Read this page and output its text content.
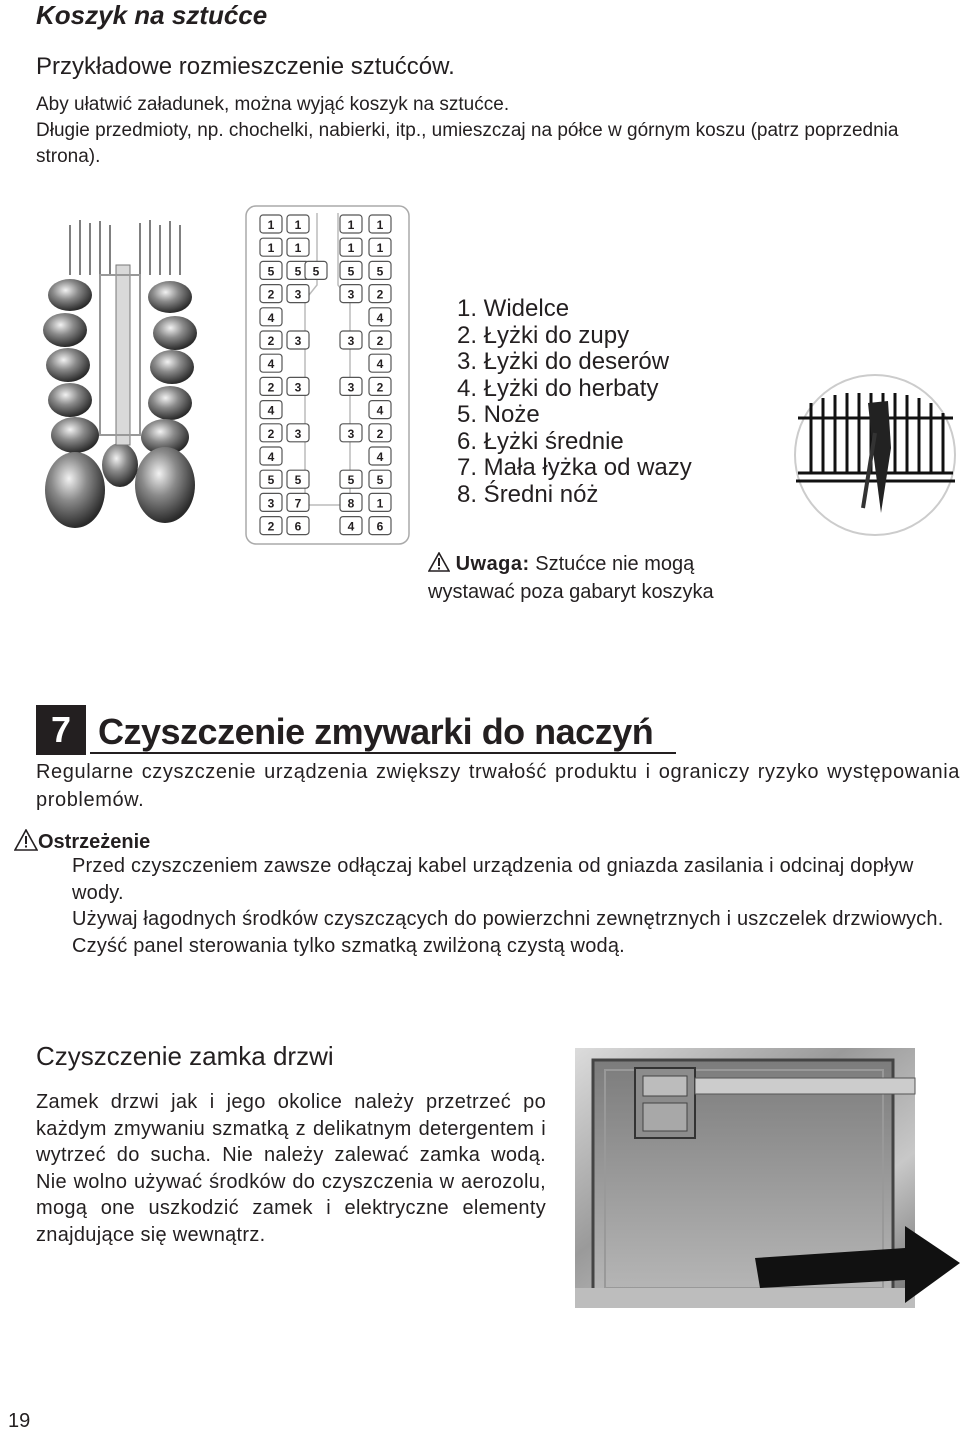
Koszyk na sztućce
Przykładowe rozmieszczenie sztućców.
Aby ułatwić załadunek, można wyjąć koszyk na sztućce.
Długie przedmioty, np. chochelki, nabierki, itp., umieszczaj na półce w górnym koszu (patrz poprzednia strona).
1 1
1 1
5 5 5
2 3
4
2 3
4
2 3
4
2 3
4
5 5
3 7
2 6
1 1
1 1
5 5
3 2
4
3 2
4
3 2
4
3 2
4
5 5
8 1
4 6
1. Widelce
2. Łyżki do zupy
3. Łyżki do deserów
4. Łyżki do herbaty
5. Noże
6. Łyżki średnie
7. Mała łyżka od wazy
8. Średni nóż
Uwaga: Sztućce nie mogą wystawać poza gabaryt koszyka
7 Czyszczenie zmywarki do naczyń
Regularne czyszczenie urządzenia zwiększy trwałość produktu i ograniczy ryzyko występowania problemów.
Ostrzeżenie

Przed czyszczeniem zawsze odłączaj kabel urządzenia od gniazda zasilania i odcinaj dopływ wody.

Używaj łagodnych środków czyszczących do powierzchni zewnętrznych i uszczelek drzwiowych.

Czyść panel sterowania tylko szmatką zwilżoną czystą wodą.

Czyszczenie zamka drzwi
Zamek drzwi jak i jego okolice należy przetrzeć po każdym zmywaniu szmatką z delikatnym detergentem i wytrzeć do sucha. Nie należy zalewać zamka wodą. Nie wolno używać środków do czyszczenia w aerozolu, mogą one uszkodzić zamek i elektryczne elementy znajdujące się wewnątrz.
19
